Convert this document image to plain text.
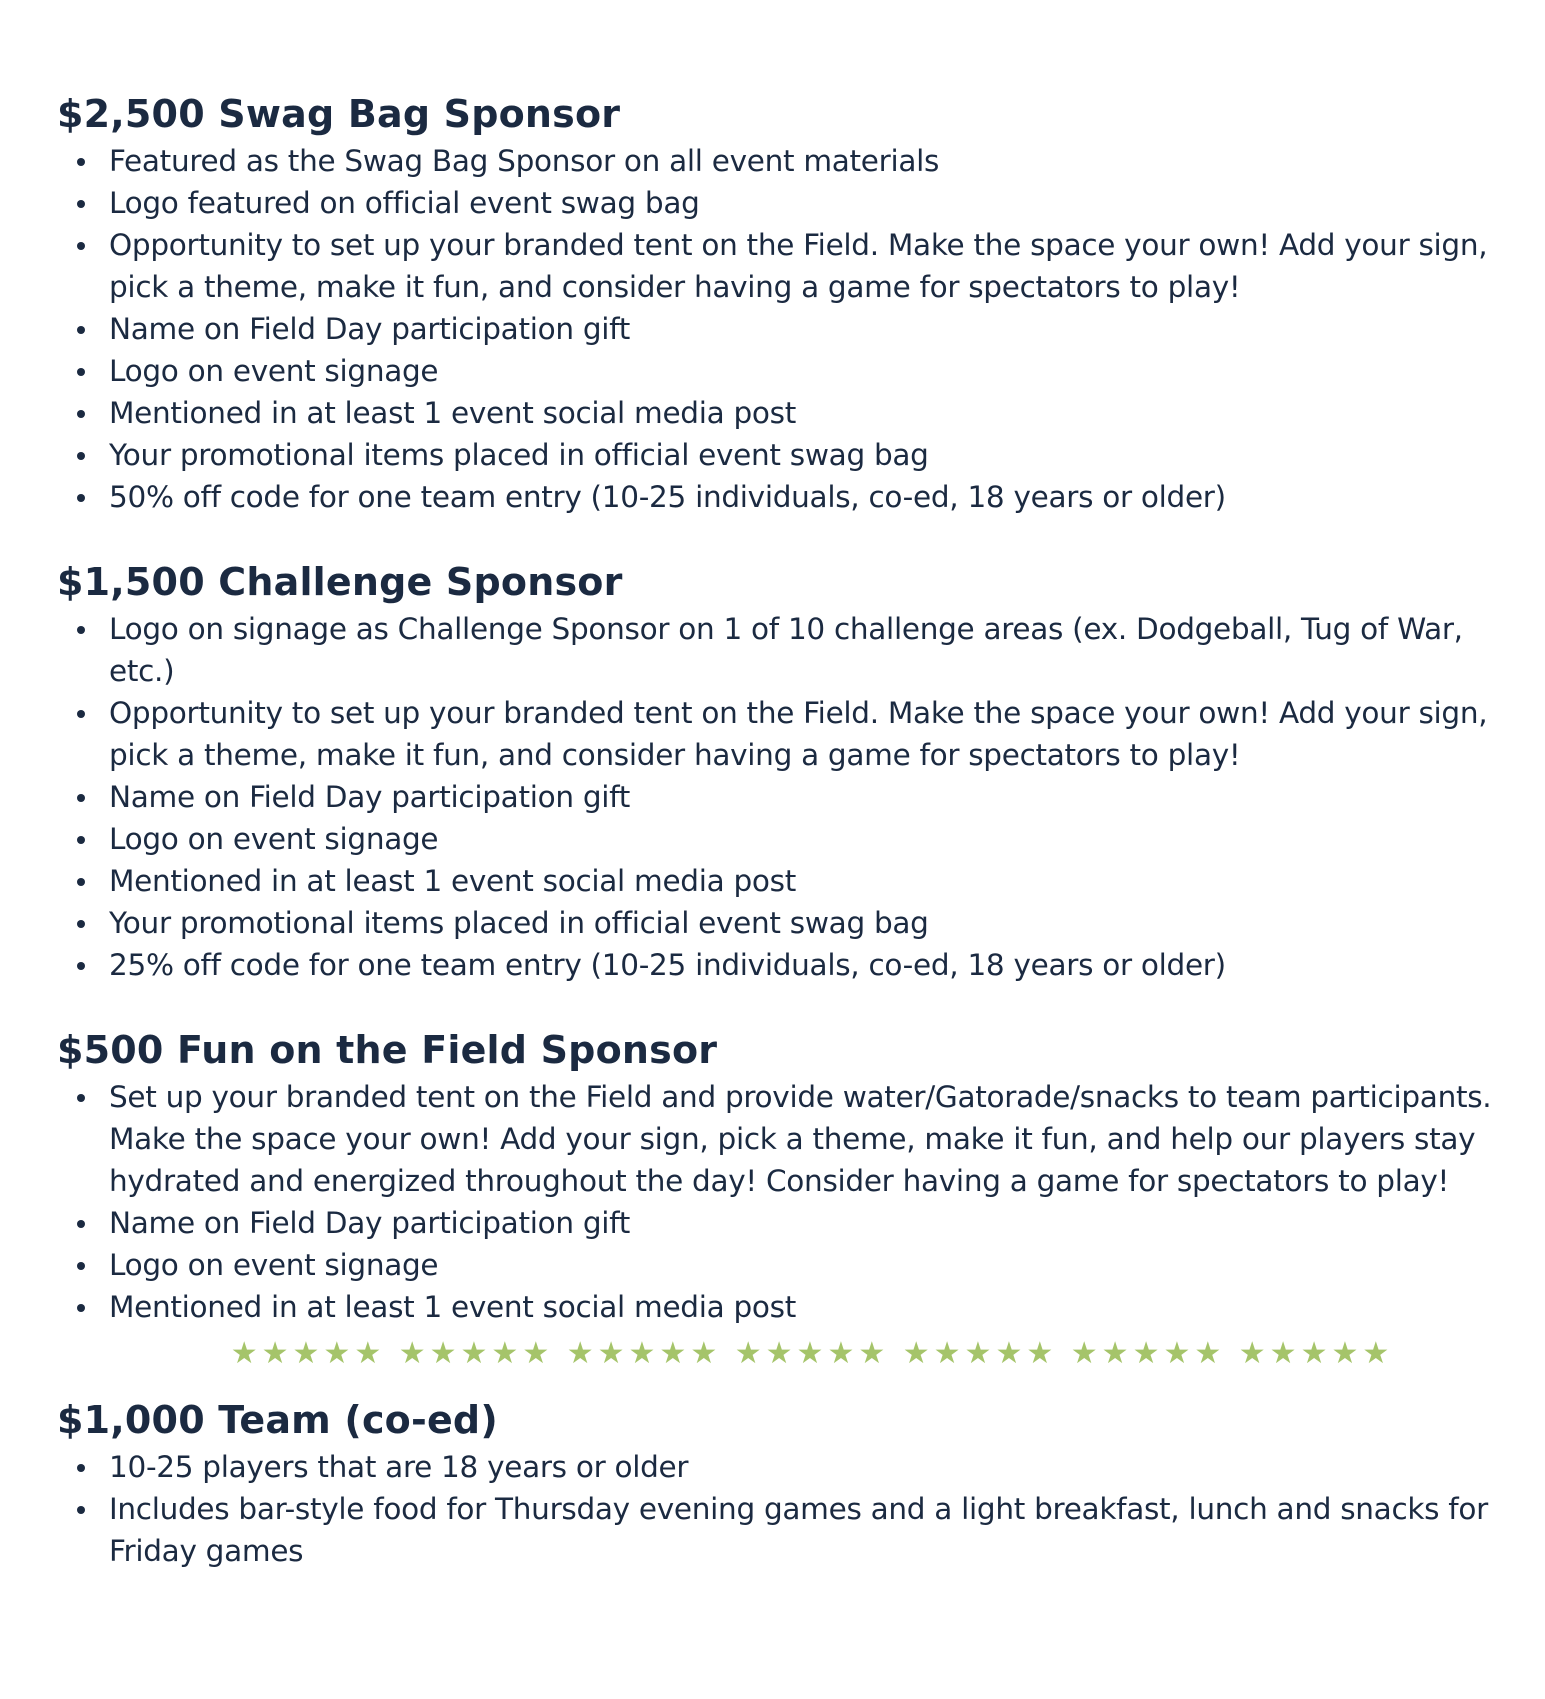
$2,500 Swag Bag Sponsor
Featured as the Swag Bag Sponsor on all event materials
Logo featured on official event swag bag
Opportunity to set up your branded tent on the Field. Make the space your own! Add your sign, pick a theme, make it fun, and consider having a game for spectators to play!
Name on Field Day participation gift
Logo on event signage
Mentioned in at least 1 event social media post
Your promotional items placed in official event swag bag
50% off code for one team entry (10-25 individuals, co-ed, 18 years or older)
$1,500 Challenge Sponsor
Logo on signage as Challenge Sponsor on 1 of 10 challenge areas (ex. Dodgeball, Tug of War, etc.)
Opportunity to set up your branded tent on the Field. Make the space your own! Add your sign, pick a theme, make it fun, and consider having a game for spectators to play!
Name on Field Day participation gift
Logo on event signage
Mentioned in at least 1 event social media post
Your promotional items placed in official event swag bag
25% off code for one team entry (10-25 individuals, co-ed, 18 years or older)
$500 Fun on the Field Sponsor
Set up your branded tent on the Field and provide water/Gatorade/snacks to team participants. Make the space your own! Add your sign, pick a theme, make it fun, and help our players stay hydrated and energized throughout the day! Consider having a game for spectators to play!
Name on Field Day participation gift
Logo on event signage
Mentioned in at least 1 event social media post
★★★★★ ★★★★★ ★★★★★ ★★★★★ ★★★★★ ★★★★★ ★★★★★
$1,000 Team (co-ed)
10-25 players that are 18 years or older
Includes bar-style food for Thursday evening games and a light breakfast, lunch and snacks for Friday games
